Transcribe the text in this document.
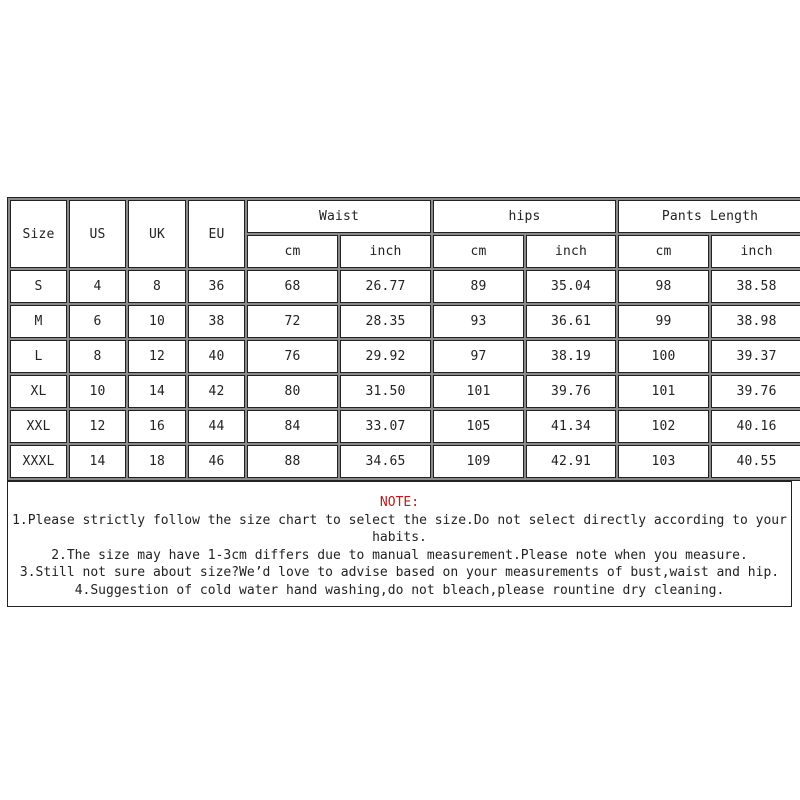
Size	US	UK	EU	Waist		hips		Pants Length	
				cm	inch	cm	inch	cm	inch
S	4	8	36	68	26.77	89	35.04	98	38.58
M	6	10	38	72	28.35	93	36.61	99	38.98
L	8	12	40	76	29.92	97	38.19	100	39.37
XL	10	14	42	80	31.50	101	39.76	101	39.76
XXL	12	16	44	84	33.07	105	41.34	102	40.16
XXXL	14	18	46	88	34.65	109	42.91	103	40.55
NOTE:
1.Please strictly follow the size chart to select the size.Do not select directly according to your habits.
2.The size may have 1-3cm differs due to manual measurement.Please note when you measure.
3.Still not sure about size?We’d love to advise based on your measurements of bust,waist and hip.
4.Suggestion of cold water hand washing,do not bleach,please rountine dry cleaning.
